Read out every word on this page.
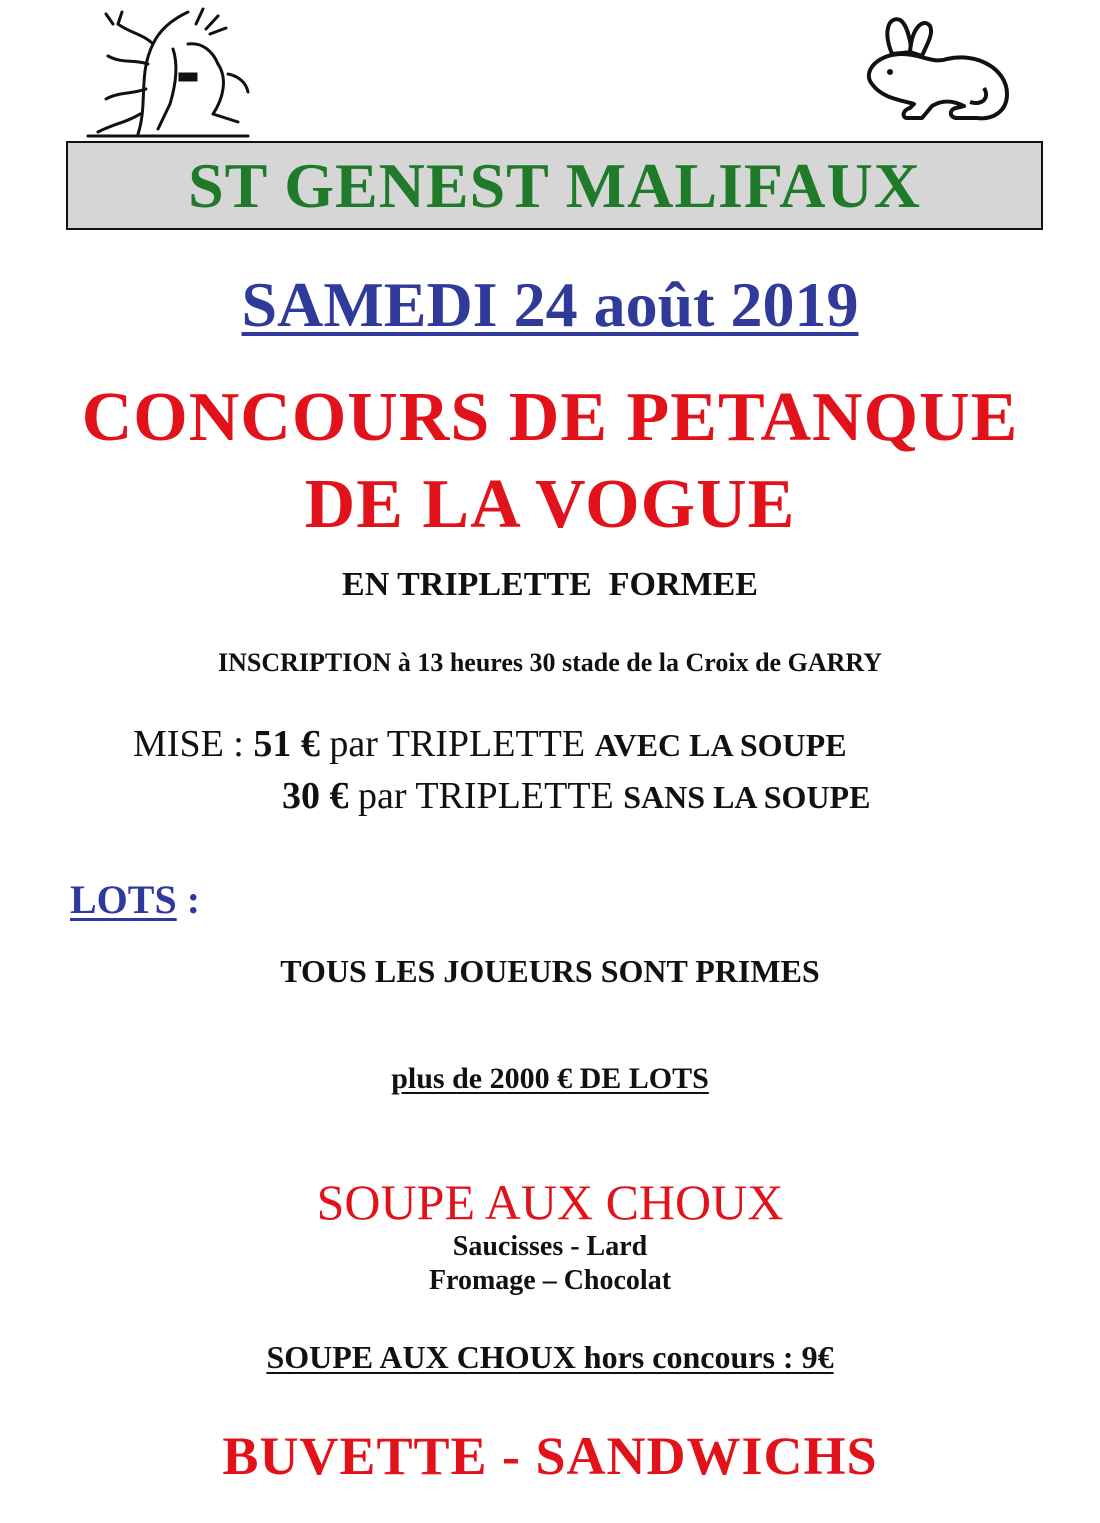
ST GENEST MALIFAUX
SAMEDI 24 août 2019
CONCOURS DE PETANQUE
DE LA VOGUE
EN TRIPLETTE  FORMEE
INSCRIPTION à 13 heures 30 stade de la Croix de GARRY
MISE : 51 € par TRIPLETTE AVEC LA SOUPE
30 € par TRIPLETTE SANS LA SOUPE
LOTS :
TOUS LES JOUEURS SONT PRIMES
plus de 2000 € DE LOTS
SOUPE AUX CHOUX
Saucisses - Lard
Fromage – Chocolat
SOUPE AUX CHOUX hors concours : 9€
BUVETTE - SANDWICHS
